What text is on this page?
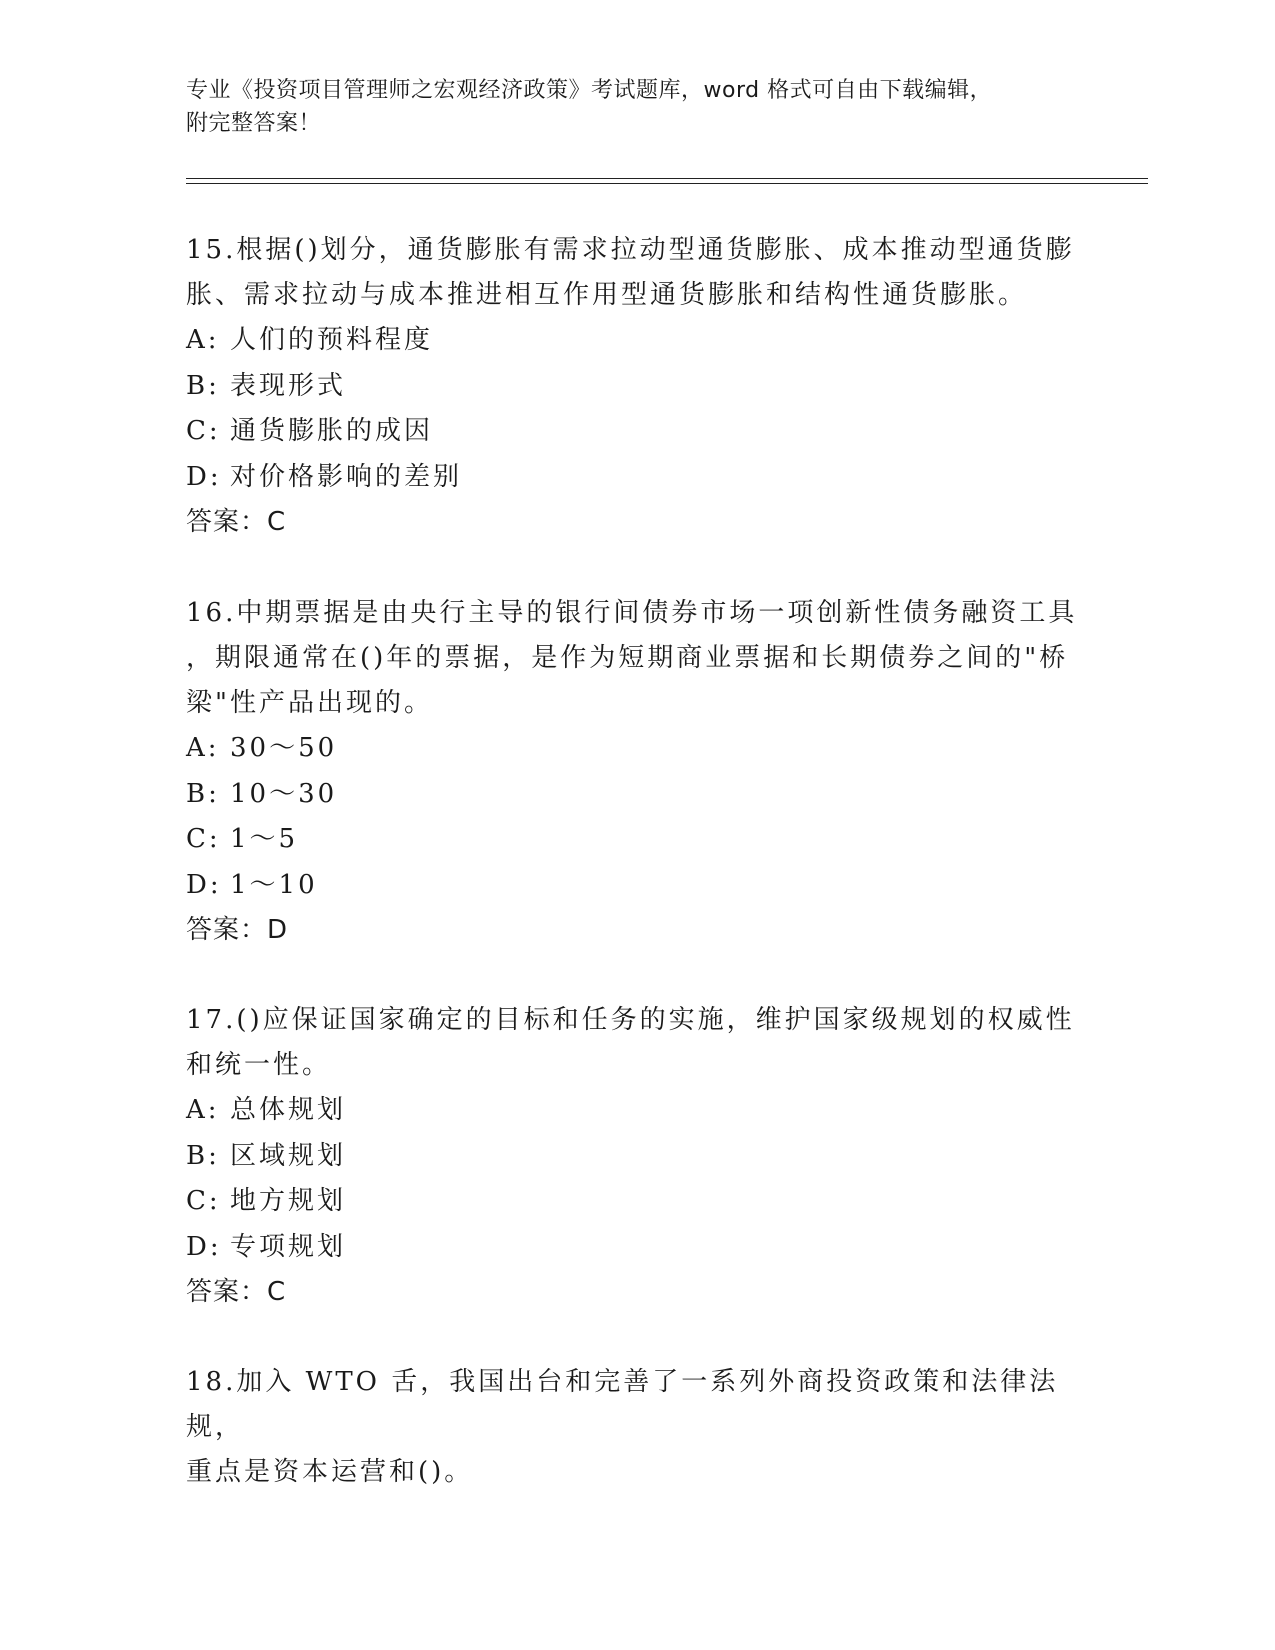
专业《投资项目管理师之宏观经济政策》考试题库，word 格式可自由下载编辑，
附完整答案！

15.根据()划分，通货膨胀有需求拉动型通货膨胀、成本推动型通货膨

胀、需求拉动与成本推进相互作用型通货膨胀和结构性通货膨胀。

A: 人们的预料程度

B: 表现形式

C: 通货膨胀的成因

D: 对价格影响的差别

答案：C

16.中期票据是由央行主导的银行间债券市场一项创新性债务融资工具

，期限通常在()年的票据，是作为短期商业票据和长期债券之间的"桥

梁"性产品出现的。

A: 30～50

B: 10～30

C: 1～5

D: 1～10

答案：D

17.()应保证国家确定的目标和任务的实施，维护国家级规划的权威性

和统一性。

A: 总体规划

B: 区域规划

C: 地方规划

D: 专项规划

答案：C

18.加入 WTO 舌，我国出台和完善了一系列外商投资政策和法律法规，

重点是资本运营和()。
